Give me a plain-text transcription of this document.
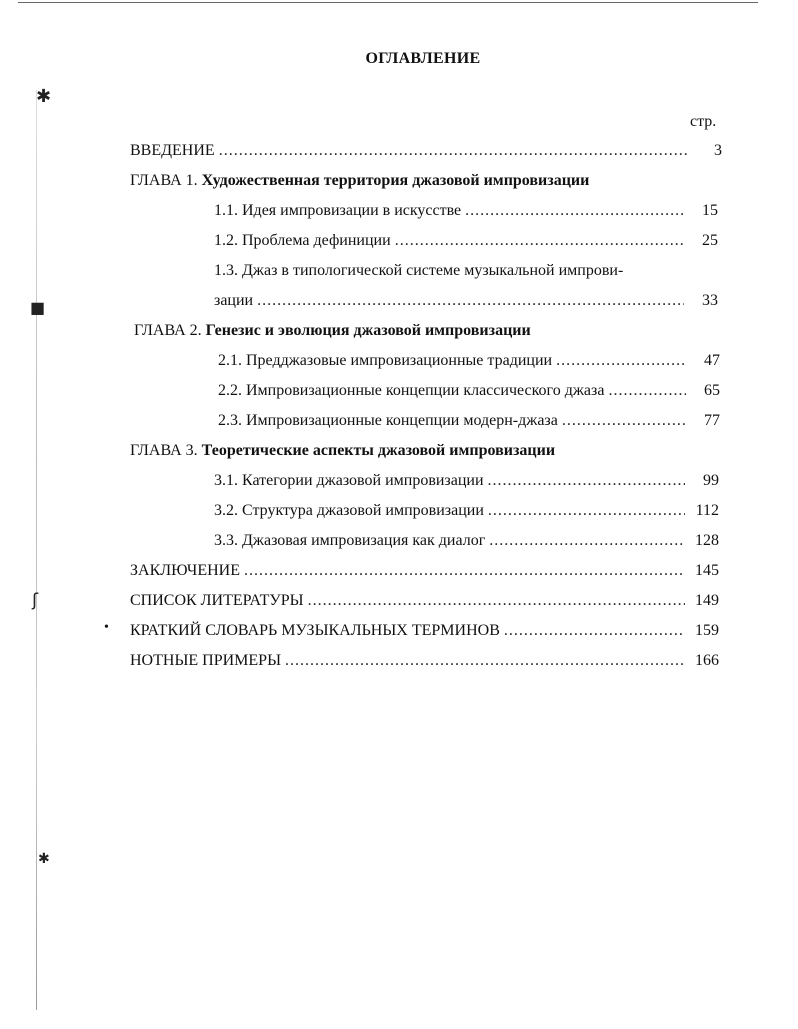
✱
■
ʃ
✱
ОГЛАВЛЕНИЕ
стр.
ВВЕДЕНИЕ .....	3
ГЛАВА 1. Художественная территория джазовой импровизации
1.1. Идея импровизации в искусстве .....	15
1.2. Проблема дефиниции .....	25
1.3. Джаз в типологической системе музыкальной импрови-
зации .....	33
ГЛАВА 2. Генезис и эволюция джазовой импровизации
2.1. Предджазовые импровизационные традиции .....	47
2.2. Импровизационные концепции классического джаза .....	65
2.3. Импровизационные концепции модерн-джаза .....	77
ГЛАВА 3. Теоретические аспекты джазовой импровизации
3.1. Категории джазовой импровизации .....	99
3.2. Структура джазовой импровизации .....	112
3.3. Джазовая импровизация как диалог .....	128
ЗАКЛЮЧЕНИЕ .....	145
СПИСОК ЛИТЕРАТУРЫ .....	149
• КРАТКИЙ СЛОВАРЬ МУЗЫКАЛЬНЫХ ТЕРМИНОВ .....	159
НОТНЫЕ ПРИМЕРЫ .....	166
